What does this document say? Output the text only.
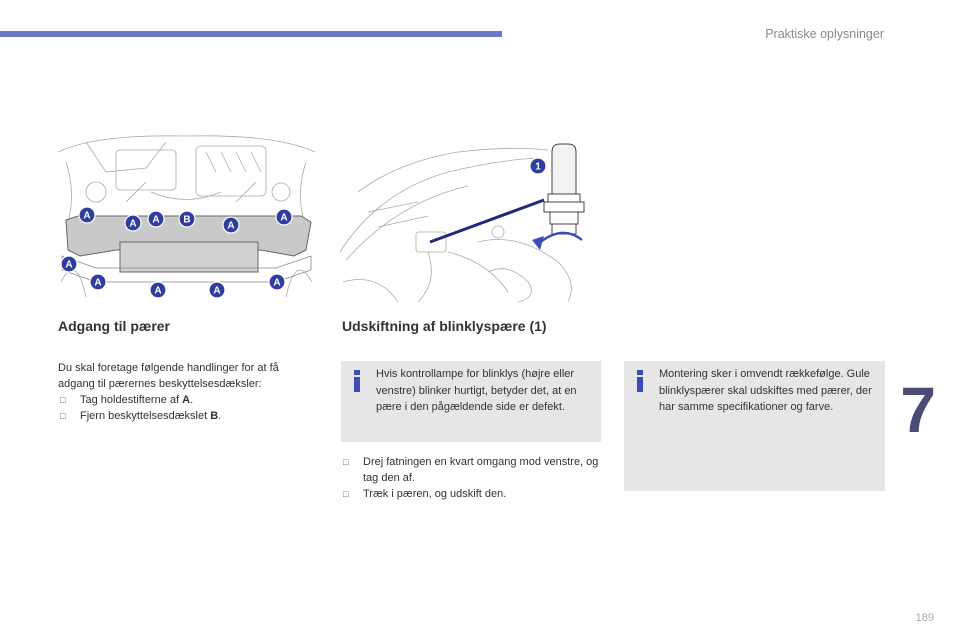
Praktiske oplysninger
7
A
A A B
A
A
A
A
A	A
A
1
Adgang til pærer

Du skal foretage følgende handlinger for at få adgang til pærernes beskyttelsesdæksler:

□	Tag holdestifterne af A.
□	Fjern beskyttelsesdækslet B.
Udskiftning af blinklyspære (1)
Hvis kontrollampe for blinklys (højre eller venstre) blinker hurtigt, betyder det, at en pære i den pågældende side er defekt.
□	Drej fatningen en kvart omgang mod venstre, og tag den af.
□	Træk i pæren, og udskift den.
Montering sker i omvendt rækkefølge. Gule blinklyspærer skal udskiftes med pærer, der har samme specifikationer og farve.
189
